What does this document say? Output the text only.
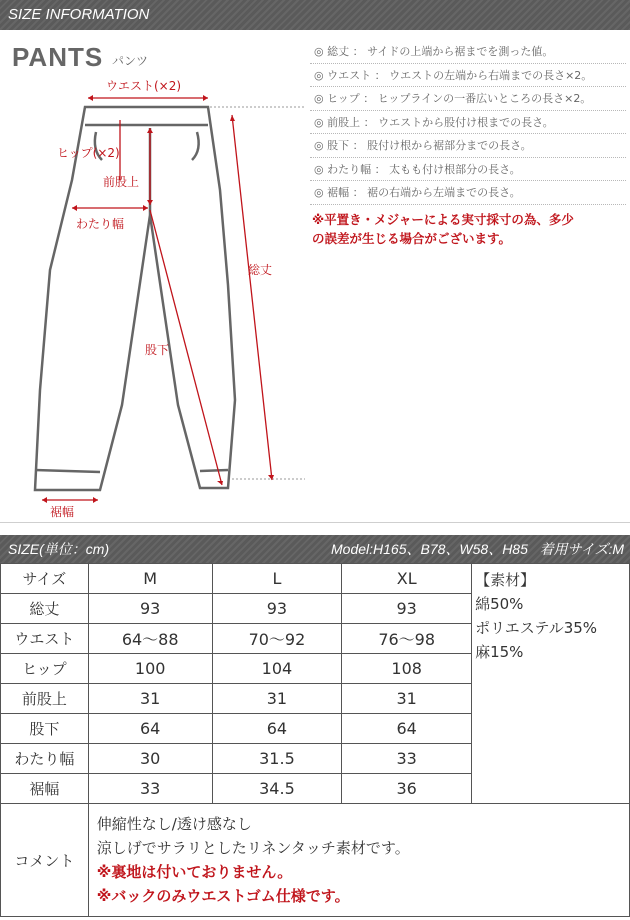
SIZE INFORMATION
PANTS パンツ
ウエスト(×2)
ヒップ(×2)
前股上
わたり幅
総丈
股下
裾幅
◎ 総丈 ： サイドの上端から裾までを測った値。
◎ ウエスト ： ウエストの左端から右端までの長さ×2。
◎ ヒップ ： ヒップラインの一番広いところの長さ×2。
◎ 前股上 ： ウエストから股付け根までの長さ。
◎ 股下 ： 股付け根から裾部分までの長さ。
◎ わたり幅 ： 太もも付け根部分の長さ。
◎ 裾幅 ： 裾の右端から左端までの長さ。
※平置き・メジャーによる実寸採寸の為、多少
の誤差が生じる場合がございます。
SIZE(単位：cm)	Model:H165、B78、W58、H85 着用サイズ:M
サイズ	M	L	XL	【素材】
綿50%
ポリエステル35%
麻15%

総丈	93	93	93	
ウエスト	64〜88	70〜92	76〜98	
ヒップ	100	104	108	
前股上	31	31	31	
股下	64	64	64	
わたり幅	30	31.5	33	
裾幅	33	34.5	36	
コメント	伸縮性なし/透け感なし
涼しげでサラリとしたリネンタッチ素材です。
※裏地は付いておりません。
※バックのみウエストゴム仕様です。			
